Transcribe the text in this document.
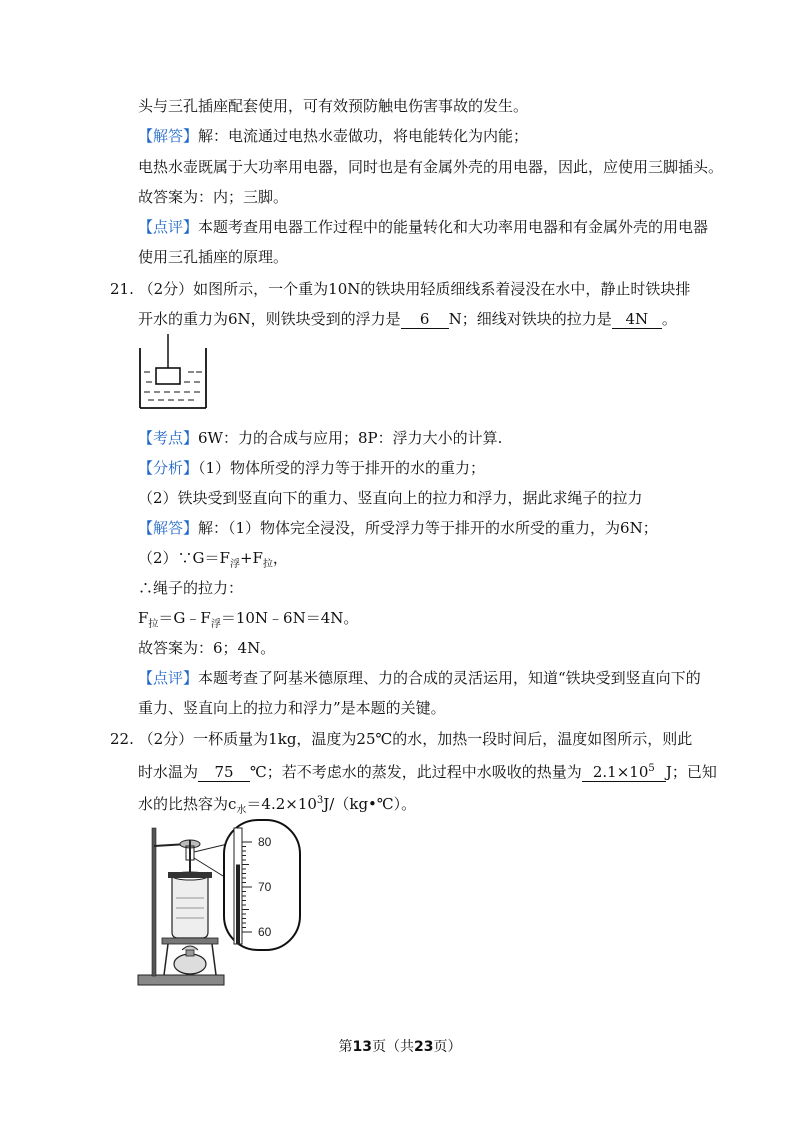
头与三孔插座配套使用，可有效预防触电伤害事故的发生。
【解答】解：电流通过电热水壶做功，将电能转化为内能；
电热水壶既属于大功率用电器，同时也是有金属外壳的用电器，因此，应使用三脚插头。
故答案为：内；三脚。
【点评】本题考查用电器工作过程中的能量转化和大功率用电器和有金属外壳的用电器
使用三孔插座的原理。
21. （2分）如图所示，一个重为10N的铁块用轻质细线系着浸没在水中，静止时铁块排
开水的重力为6N，则铁块受到的浮力是 6 N；细线对铁块的拉力是 4N 。
【考点】6W：力的合成与应用；8P：浮力大小的计算.
【分析】（1）物体所受的浮力等于排开的水的重力；
（2）铁块受到竖直向下的重力、竖直向上的拉力和浮力，据此求绳子的拉力
【解答】解：（1）物体完全浸没，所受浮力等于排开的水所受的重力，为6N；
$(2)\because G=F_浮+F_拉$，
∴绳子的拉力：
$F_拉=G﹣F_浮=10N﹣6N=4N$。
故答案为：6；4N。
【点评】本题考查了阿基米德原理、力的合成的灵活运用，知道“铁块受到竖直向下的
重力、竖直向上的拉力和浮力”是本题的关键。
22. （2分）一杯质量为1kg，温度为25℃的水，加热一段时间后，温度如图所示，则此
时水温为 75 ℃；若不考虑水的蒸发，此过程中水吸收的热量为 $2.1\times 10^5$ J；已知
水的比热容为$c_水=4.2\times 10^3J/(kg•℃)$。
80
70
60
第13页（共23页）
